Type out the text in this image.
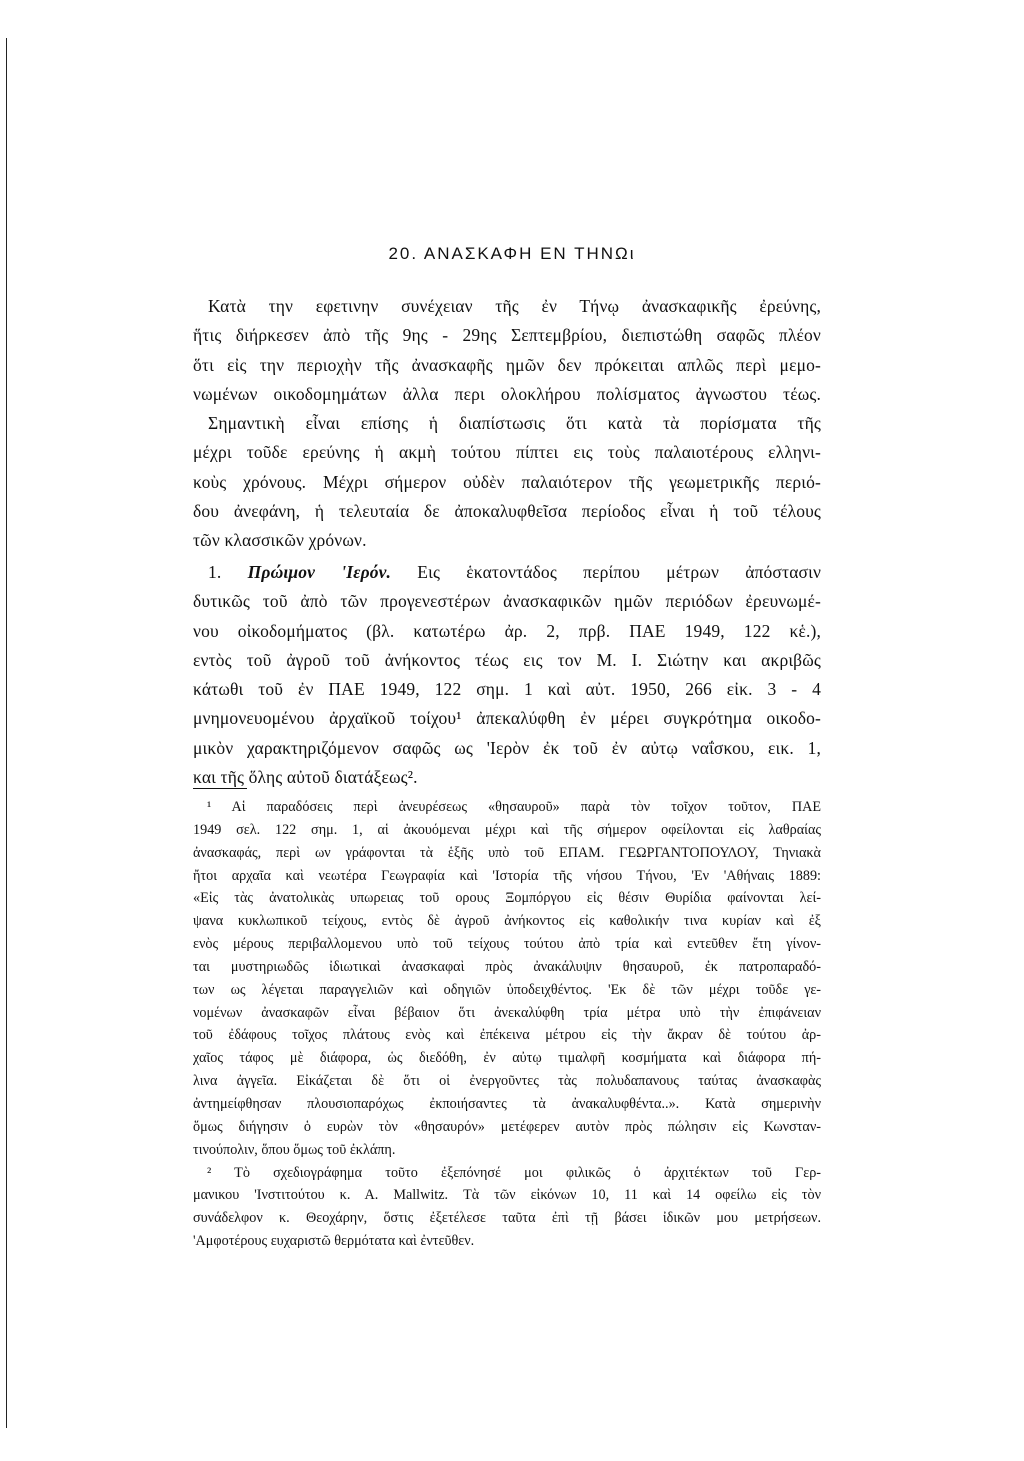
20. ΑΝΑΣΚΑΦΗ ΕΝ ΤΗΝΩι
Κατὰ την εφετινην συνέχειαν τῆς ἐν Τήνῳ ἀνασκαφικῆς ἐρεύνης,
ἥτις διήρκεσεν ἀπὸ τῆς 9ης - 29ης Σεπτεμβρίου, διεπιστώθη σαφῶς πλέον
ὅτι εἰς την περιοχὴν τῆς ἀνασκαφῆς ημῶν δεν πρόκειται απλῶς περὶ μεμο-
νωμένων οικοδομημάτων ἀλλα περι ολοκλήρου πολίσματος ἀγνωστου τέως.
Σημαντικὴ εἶναι επίσης ἡ διαπίστωσις ὅτι κατὰ τὰ πορίσματα τῆς
μέχρι τοῦδε ερεύνης ἡ ακμὴ τούτου πίπτει εις τοὺς παλαιοτέρους ελληνι-
κοὺς χρόνους. Μέχρι σήμερον οὐδὲν παλαιότερον τῆς γεωμετρικῆς περιό-
δου ἀνεφάνη, ἡ τελευταία δε ἀποκαλυφθεῖσα περίοδος εἶναι ἡ τοῦ τέλους
τῶν κλασσικῶν χρόνων.
1. Πρώιμον 'Ιερόν. Εις ἑκατοντάδος περίπου μέτρων ἀπόστασιν
δυτικῶς τοῦ ἀπὸ τῶν προγενεστέρων ἀνασκαφικῶν ημῶν περιόδων ἐρευνωμέ-
νου οἰκοδομήματος (βλ. κατωτέρω ἀρ. 2, πρβ. ΠΑΕ 1949, 122 κἑ.),
εντὸς τοῦ ἀγροῦ τοῦ ἀνήκοντος τέως εις τον Μ. Ι. Σιώτην και ακριβῶς
κάτωθι τοῦ ἐν ΠΑΕ 1949, 122 σημ. 1 καὶ αὐτ. 1950, 266 εἰκ. 3 - 4
μνημονευομένου ἀρχαϊκοῦ τοίχου¹ ἀπεκαλύφθη ἐν μέρει συγκρότημα οικοδο-
μικὸν χαρακτηριζόμενον σαφῶς ως 'Ιερὸν ἐκ τοῦ ἐν αὐτῳ ναΐσκου, εικ. 1,
και τῆς ὅλης αὐτοῦ διατάξεως².
¹ Αἱ παραδόσεις περὶ ἀνευρέσεως «θησαυροῦ» παρὰ τὸν τοῖχον τοῦτον, ΠΑΕ
1949 σελ. 122 σημ. 1, αἱ ἀκουόμεναι μέχρι καὶ τῆς σήμερον οφείλονται εἰς λαθραίας
ἀνασκαφάς, περὶ ων γράφονται τὰ ἑξῆς υπὸ τοῦ ΕΠΑΜ. ΓΕΩΡΓΑΝΤΟΠΟΥΛΟΥ, Τηνιακὰ
ἤτοι αρχαῖα καὶ νεωτέρα Γεωγραφία καὶ 'Ιστορία τῆς νήσου Τήνου, 'Εν 'Αθήναις 1889:
«Εἰς τὰς ἀνατολικὰς υπωρειας τοῦ ορους Ξομπόργου εἰς θέσιν Θυρίδια φαίνονται λεί-
ψανα κυκλωπικοῦ τείχους, εντὸς δὲ ἀγροῦ ἀνήκοντος εἰς καθολικήν τινα κυρίαν καὶ ἐξ
ενὸς μέρους περιβαλλομενου υπὸ τοῦ τείχους τούτου ἀπὸ τρία καὶ εντεῦθεν ἔτη γίνον-
ται μυστηριωδῶς ἰδιωτικαὶ ἀνασκαφαὶ πρὸς ἀνακάλυψιν θησαυροῦ, ἐκ πατροπαραδό-
των ως λέγεται παραγγελιῶν καὶ οδηγιῶν ὑποδειχθέντος. 'Εκ δὲ τῶν μέχρι τοῦδε γε-
νομένων ἀνασκαφῶν εἶναι βέβαιον ὅτι ἀνεκαλύφθη τρία μέτρα υπὸ τὴν ἐπιφάνειαν
τοῦ ἐδάφους τοῖχος πλάτους ενὸς καὶ ἐπέκεινα μέτρου εἰς τὴν ἄκραν δὲ τούτου ἀρ-
χαῖος τάφος μὲ διάφορα, ὡς διεδόθη, ἐν αὐτῳ τιμαλφῆ κοσμήματα καὶ διάφορα πή-
λινα ἀγγεῖα. Εἰκάζεται δὲ ὅτι οἱ ἐνεργοῦντες τὰς πολυδαπανους ταύτας ἀνασκαφὰς
ἀντημείφθησαν πλουσιοπαρόχως ἐκποιήσαντες τὰ ἀνακαλυφθέντα..». Κατὰ σημερινὴν
ὅμως διήγησιν ὁ ευρὼν τὸν «θησαυρόν» μετέφερεν αυτὸν πρὸς πώλησιν εἰς Κωνσταν-
τινούπολιν, ὅπου ὅμως τοῦ ἐκλάπη.
² Τὸ σχεδιογράφημα τοῦτο ἐξεπόνησέ μοι φιλικῶς ὁ ἀρχιτέκτων τοῦ Γερ-
μανικου 'Ινστιτούτου κ. Α. Mallwitz. Τὰ τῶν εἰκόνων 10, 11 καὶ 14 οφείλω εἰς τὸν
συνάδελφον κ. Θεοχάρην, ὅστις ἐξετέλεσε ταῦτα ἐπὶ τῇ βάσει ἰδικῶν μου μετρήσεων.
'Αμφοτέρους ευχαριστῶ θερμότατα καὶ ἐντεῦθεν.
